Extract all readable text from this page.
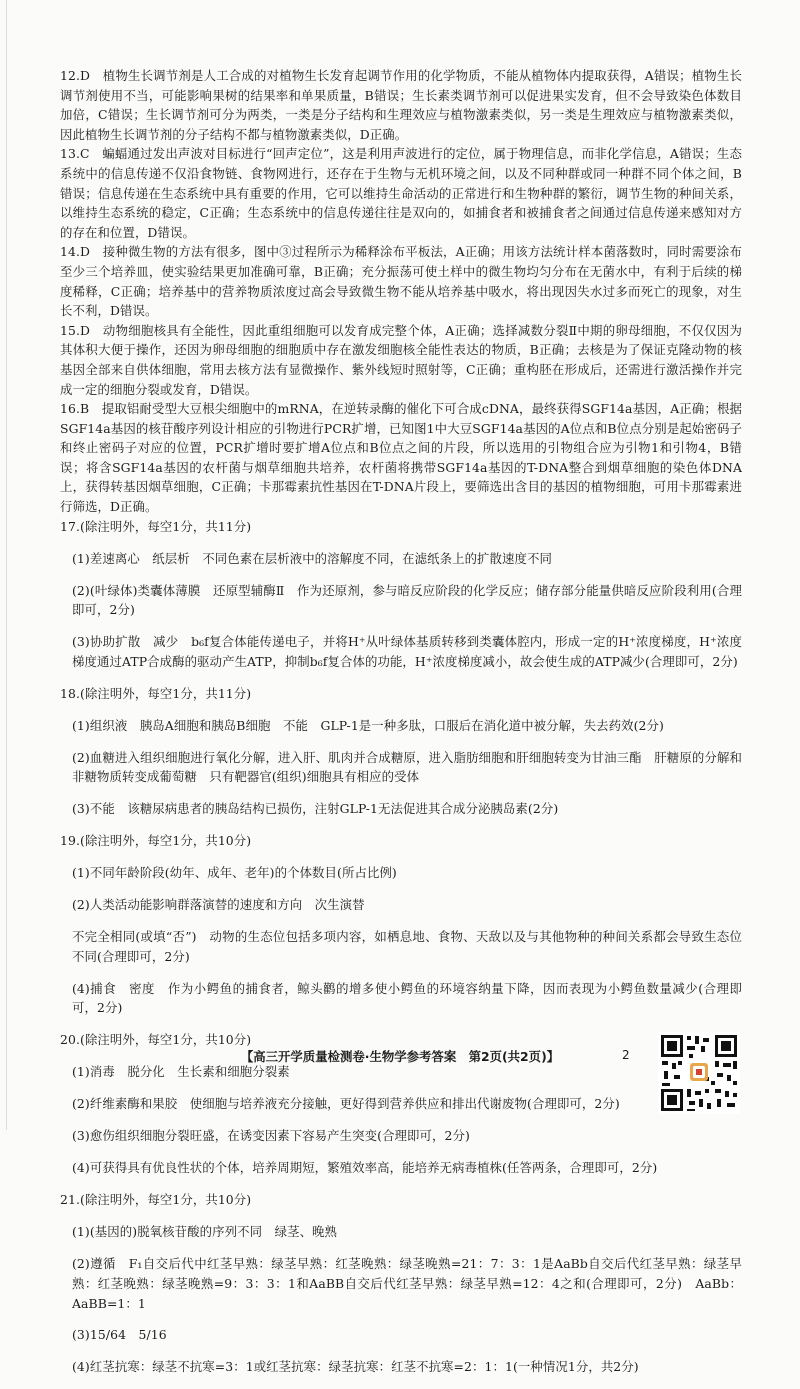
12.D　植物生长调节剂是人工合成的对植物生长发育起调节作用的化学物质，不能从植物体内提取获得，A错误；植物生长调节剂使用不当，可能影响果树的结果率和单果质量，B错误；生长素类调节剂可以促进果实发育，但不会导致染色体数目加倍，C错误；生长调节剂可分为两类，一类是分子结构和生理效应与植物激素类似，另一类是生理效应与植物激素类似，因此植物生长调节剂的分子结构不都与植物激素类似，D正确。

13.C　蝙蝠通过发出声波对目标进行“回声定位”，这是利用声波进行的定位，属于物理信息，而非化学信息，A错误；生态系统中的信息传递不仅沿食物链、食物网进行，还存在于生物与无机环境之间，以及不同种群或同一种群不同个体之间，B错误；信息传递在生态系统中具有重要的作用，它可以维持生命活动的正常进行和生物种群的繁衍，调节生物的种间关系，以维持生态系统的稳定，C正确；生态系统中的信息传递往往是双向的，如捕食者和被捕食者之间通过信息传递来感知对方的存在和位置，D错误。

14.D　接种微生物的方法有很多，图中③过程所示为稀释涂布平板法，A正确；用该方法统计样本菌落数时，同时需要涂布至少三个培养皿，使实验结果更加准确可靠，B正确；充分振荡可使土样中的微生物均匀分布在无菌水中，有利于后续的梯度稀释，C正确；培养基中的营养物质浓度过高会导致微生物不能从培养基中吸水，将出现因失水过多而死亡的现象，对生长不利，D错误。

15.D　动物细胞核具有全能性，因此重组细胞可以发育成完整个体，A正确；选择减数分裂Ⅱ中期的卵母细胞，不仅仅因为其体积大便于操作，还因为卵母细胞的细胞质中存在激发细胞核全能性表达的物质，B正确；去核是为了保证克隆动物的核基因全部来自供体细胞，常用去核方法有显微操作、紫外线短时照射等，C正确；重构胚在形成后，还需进行激活操作并完成一定的细胞分裂或发育，D错误。

16.B　提取铝耐受型大豆根尖细胞中的mRNA，在逆转录酶的催化下可合成cDNA，最终获得SGF14a基因，A正确；根据SGF14a基因的核苷酸序列设计相应的引物进行PCR扩增，已知图1中大豆SGF14a基因的A位点和B位点分别是起始密码子和终止密码子对应的位置，PCR扩增时要扩增A位点和B位点之间的片段，所以选用的引物组合应为引物1和引物4，B错误；将含SGF14a基因的农杆菌与烟草细胞共培养，农杆菌将携带SGF14a基因的T-DNA整合到烟草细胞的染色体DNA上，获得转基因烟草细胞，C正确；卡那霉素抗性基因在T-DNA片段上，要筛选出含目的基因的植物细胞，可用卡那霉素进行筛选，D正确。

17.(除注明外，每空1分，共11分)

(1)差速离心　纸层析　不同色素在层析液中的溶解度不同，在滤纸条上的扩散速度不同

(2)(叶绿体)类囊体薄膜　还原型辅酶Ⅱ　作为还原剂，参与暗反应阶段的化学反应；储存部分能量供暗反应阶段利用(合理即可，2分)

(3)协助扩散　减少　b₆f复合体能传递电子，并将H⁺从叶绿体基质转移到类囊体腔内，形成一定的H⁺浓度梯度，H⁺浓度梯度通过ATP合成酶的驱动产生ATP，抑制b₆f复合体的功能，H⁺浓度梯度减小，故会使生成的ATP减少(合理即可，2分)

18.(除注明外，每空1分，共11分)

(1)组织液　胰岛A细胞和胰岛B细胞　不能　GLP-1是一种多肽，口服后在消化道中被分解，失去药效(2分)

(2)血糖进入组织细胞进行氧化分解，进入肝、肌肉并合成糖原，进入脂肪细胞和肝细胞转变为甘油三酯　肝糖原的分解和非糖物质转变成葡萄糖　只有靶器官(组织)细胞具有相应的受体

(3)不能　该糖尿病患者的胰岛结构已损伤，注射GLP-1无法促进其合成分泌胰岛素(2分)

19.(除注明外，每空1分，共10分)

(1)不同年龄阶段(幼年、成年、老年)的个体数目(所占比例)

(2)人类活动能影响群落演替的速度和方向　次生演替

不完全相同(或填“否”)　动物的生态位包括多项内容，如栖息地、食物、天敌以及与其他物种的种间关系都会导致生态位不同(合理即可，2分)

(4)捕食　密度　作为小鳄鱼的捕食者，鲸头鹳的增多使小鳄鱼的环境容纳量下降，因而表现为小鳄鱼数量减少(合理即可，2分)

20.(除注明外，每空1分，共10分)

(1)消毒　脱分化　生长素和细胞分裂素

(2)纤维素酶和果胶　使细胞与培养液充分接触，更好得到营养供应和排出代谢废物(合理即可，2分)

(3)愈伤组织细胞分裂旺盛，在诱变因素下容易产生突变(合理即可，2分)

(4)可获得具有优良性状的个体，培养周期短，繁殖效率高，能培养无病毒植株(任答两条，合理即可，2分)

21.(除注明外，每空1分，共10分)

(1)(基因的)脱氧核苷酸的序列不同　绿茎、晚熟

(2)遵循　F₁自交后代中红茎早熟：绿茎早熟：红茎晚熟：绿茎晚熟=21：7：3：1是AaBb自交后代红茎早熟：绿茎早熟：红茎晚熟：绿茎晚熟=9：3：3：1和AaBB自交后代红茎早熟：绿茎早熟=12：4之和(合理即可，2分)　AaBb：AaBB=1：1

(3)15/64　5/16

(4)红茎抗寒：绿茎不抗寒=3：1或红茎抗寒：绿茎抗寒：红茎不抗寒=2：1：1(一种情况1分，共2分)

【高三开学质量检测卷·生物学参考答案　第2页(共2页)】	2
